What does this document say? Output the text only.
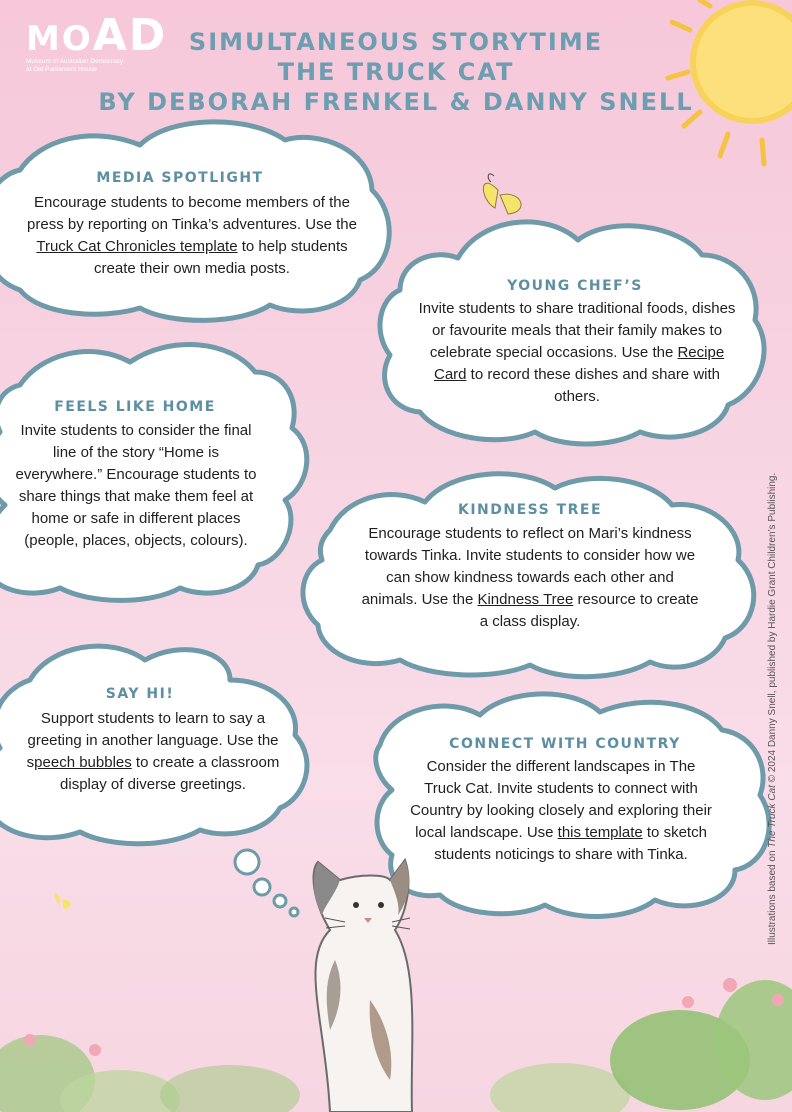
MOAD
Museum of Australian Democracy
at Old Parliament House
SIMULTANEOUS STORYTIME
THE TRUCK CAT
BY DEBORAH FRENKEL & DANNY SNELL
MEDIA SPOTLIGHT
Encourage students to become members of the press by reporting on Tinka’s adventures. Use the Truck Cat Chronicles template to help students create their own media posts.
YOUNG CHEF’S
Invite students to share traditional foods, dishes or favourite meals that their family makes to celebrate special occasions. Use the Recipe Card to record these dishes and share with others.
FEELS LIKE HOME
Invite students to consider the final line of the story “Home is everywhere.” Encourage students to share things that make them feel at home or safe in different places (people, places, objects, colours).
KINDNESS TREE
Encourage students to reflect on Mari’s kindness towards Tinka. Invite students to consider how we can show kindness towards each other and animals. Use the Kindness Tree resource to create a class display.
SAY HI!
Support students to learn to say a greeting in another language. Use the speech bubbles to create a classroom display of diverse greetings.
CONNECT WITH COUNTRY
Consider the different landscapes in The Truck Cat. Invite students to connect with Country by looking closely and exploring their local landscape. Use this template to sketch students noticings to share with Tinka.	Illustrations based on The Truck Cat © 2024 Danny Snell, published by Hardie Grant Children’s Publishing.
